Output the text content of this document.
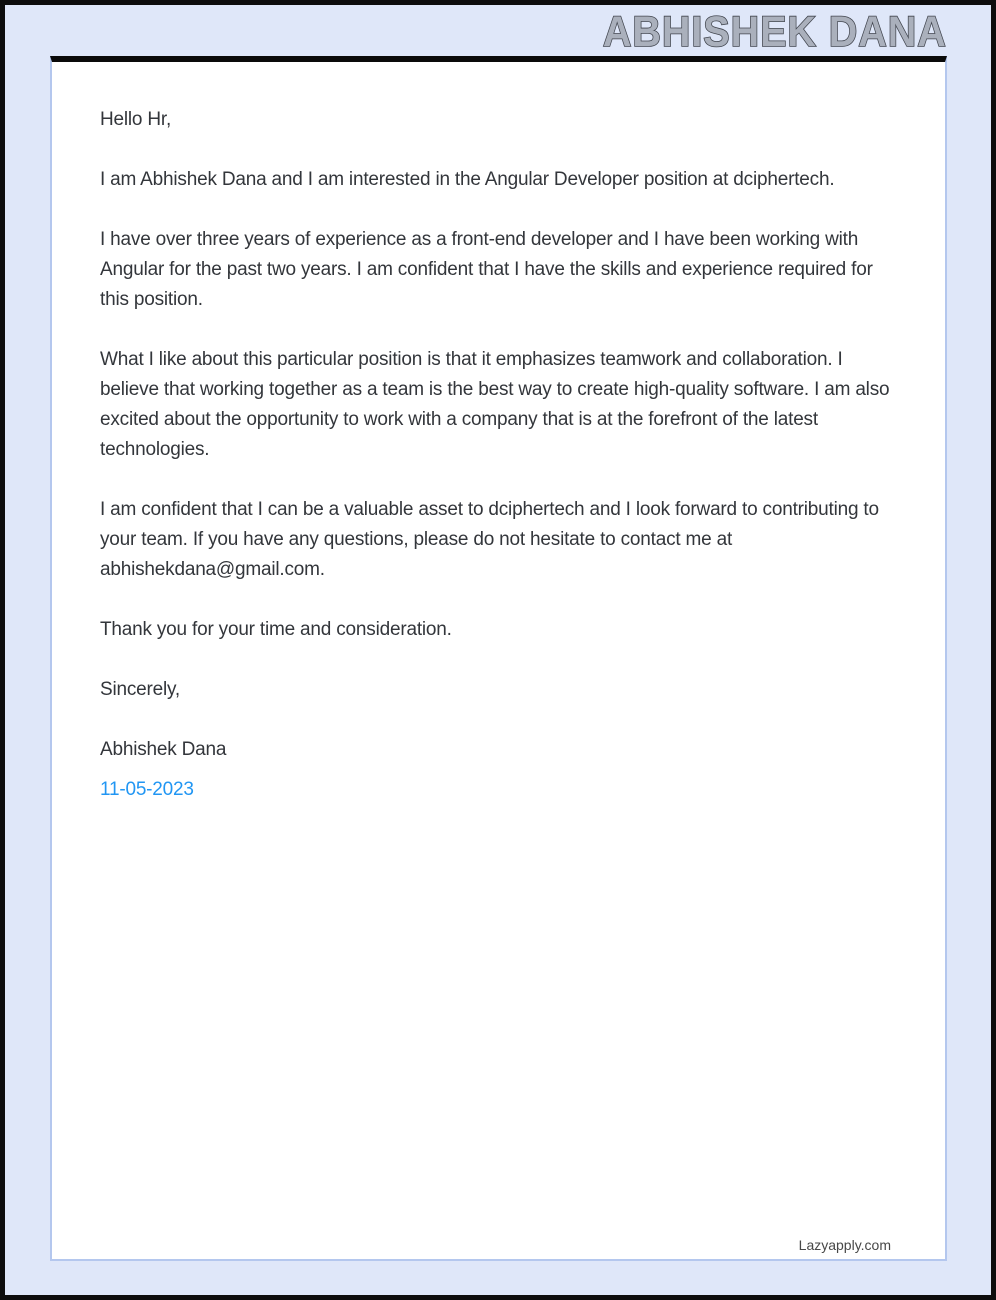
ABHISHEK DANA

Hello Hr,

I am Abhishek Dana and I am interested in the Angular Developer position at dciphertech.

I have over three years of experience as a front-end developer and I have been working with Angular for the past two years. I am confident that I have the skills and experience required for this position.

What I like about this particular position is that it emphasizes teamwork and collaboration. I believe that working together as a team is the best way to create high-quality software. I am also excited about the opportunity to work with a company that is at the forefront of the latest technologies.

I am confident that I can be a valuable asset to dciphertech and I look forward to contributing to your team. If you have any questions, please do not hesitate to contact me at abhishekdana@gmail.com.

Thank you for your time and consideration.

Sincerely,

Abhishek Dana

11-05-2023

Lazyapply.com
